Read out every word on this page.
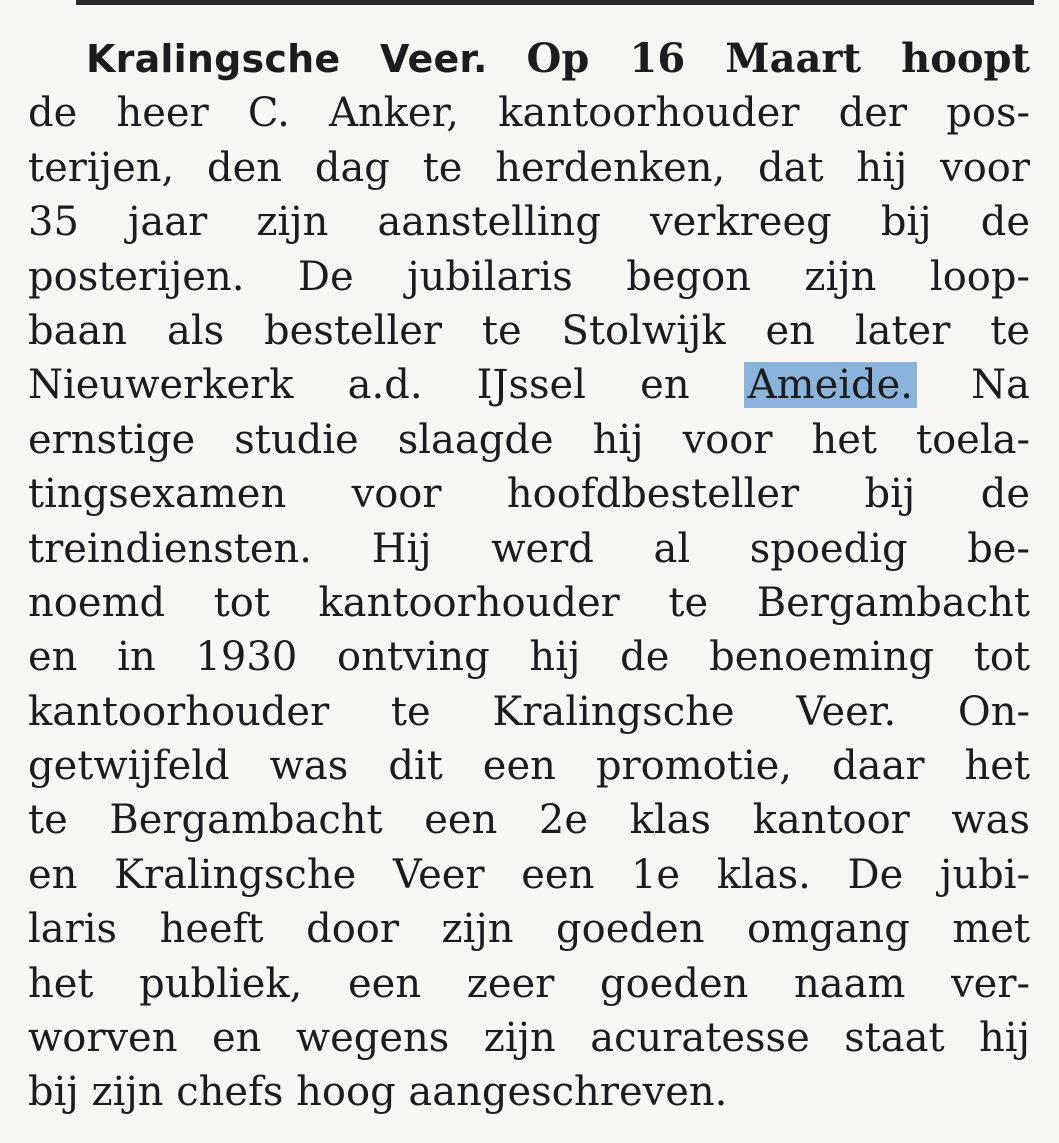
Kralingsche Veer. Op 16 Maart hoopt
de heer C. Anker, kantoorhouder der pos-
terijen, den dag te herdenken, dat hij voor
35 jaar zijn aanstelling verkreeg bij de
posterijen. De jubilaris begon zijn loop-
baan als besteller te Stolwijk en later te
Nieuwerkerk a.d. IJssel en Ameide. Na
ernstige studie slaagde hij voor het toela-
tingsexamen voor hoofdbesteller bij de
treindiensten. Hij werd al spoedig be-
noemd tot kantoorhouder te Bergambacht
en in 1930 ontving hij de benoeming tot
kantoorhouder te Kralingsche Veer. On-
getwijfeld was dit een promotie, daar het
te Bergambacht een 2e klas kantoor was
en Kralingsche Veer een 1e klas. De jubi-
laris heeft door zijn goeden omgang met
het publiek, een zeer goeden naam ver-
worven en wegens zijn acuratesse staat hij
bij zijn chefs hoog aangeschreven.
